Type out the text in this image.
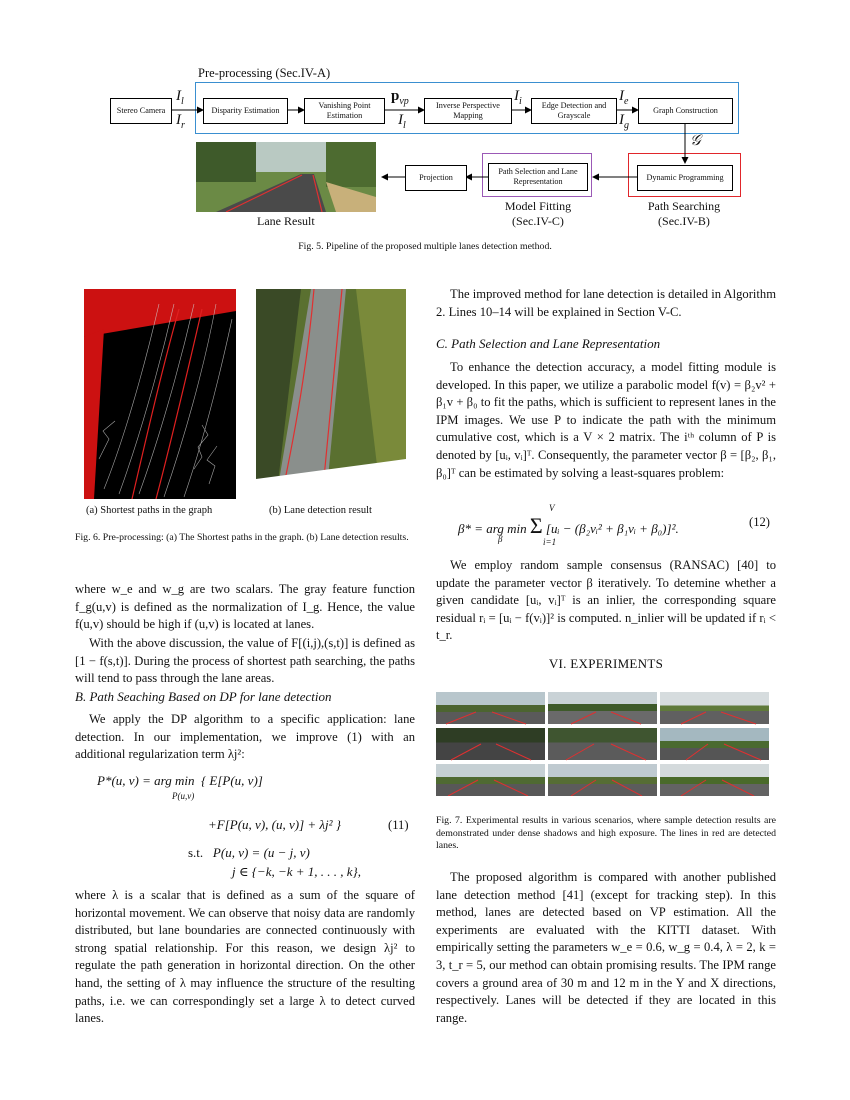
Pre-processing (Sec.IV-A)
Stereo Camera	Disparity Estimation
Vanishing Point Estimation
Inverse Perspective Mapping
Edge Detection and Grayscale
Graph Construction
Dynamic Programming
Path Selection and Lane Representation
Projection
$I_l$
$I_r$
$p_{vp}$
$I_l$
$I_i$	$I_e$
$I_g$
𝒢
Lane Result
Model Fitting
(Sec.IV-C)
Path Searching
(Sec.IV-B)
Fig. 5. Pipeline of the proposed multiple lanes detection method.
(a) Shortest paths in the graph	(b) Lane detection result
Fig. 6. Pre-processing: (a) The Shortest paths in the graph. (b) Lane detection results.

where w_e and w_g are two scalars. The gray feature function f_g(u,v) is defined as the normalization of I_g. Hence, the value f(u,v) should be high if (u,v) is located at lanes.

With the above discussion, the value of F[(i,j),(s,t)] is defined as [1 − f(s,t)]. During the process of shortest path searching, the paths will tend to pass through the lane areas.

B. Path Seaching Based on DP for lane detection

We apply the DP algorithm to a specific application: lane detection. In our implementation, we improve (1) with an additional regularization term λj²:

P*(u, v) = arg min  { E[P(u, v)]
P(u,v)
+F[P(u, v), (u, v)] + λj² }	(11)
s.t.   P(u, v) = (u − j, v)
j ∈ {−k, −k + 1, . . . , k},

where λ is a scalar that is defined as a sum of the square of horizontal movement. We can observe that noisy data are randomly distributed, but lane boundaries are connected continuously with strong spatial relationship. For this reason, we design λj² to regulate the path generation in horizontal direction. On the other hand, the setting of λ may influence the structure of the resulting paths, i.e. we can correspondingly set a large λ to detect curved lanes.

The improved method for lane detection is detailed in Algorithm 2. Lines 10–14 will be explained in Section V-C.

C. Path Selection and Lane Representation

To enhance the detection accuracy, a model fitting module is developed. In this paper, we utilize a parabolic model f(v) = β₂v² + β₁v + β₀ to fit the paths, which is sufficient to represent lanes in the IPM images. We use P to indicate the path with the minimum cumulative cost, which is a V × 2 matrix. The iᵗʰ column of P is denoted by [uᵢ, vᵢ]ᵀ. Consequently, the parameter vector β = [β₂, β₁, β₀]ᵀ can be estimated by solving a least-squares problem:

β* = arg min Σ [uᵢ − (β₂vᵢ² + β₁vᵢ + β₀)]².
β
V
i=1
(12)

We employ random sample consensus (RANSAC) [40] to update the parameter vector β iteratively. To detemine whether a given candidate [uᵢ, vᵢ]ᵀ is an inlier, the corresponding square residual rᵢ = [uᵢ − f(vᵢ)]² is computed. n_inlier will be updated if rᵢ < t_r.

VI. EXPERIMENTS
Fig. 7. Experimental results in various scenarios, where sample detection results are demonstrated under dense shadows and high exposure. The lines in red are detected lanes.

The proposed algorithm is compared with another published lane detection method [41] (except for tracking step). In this method, lanes are detected based on VP estimation. All the experiments are evaluated with the KITTI dataset. With empirically setting the parameters w_e = 0.6, w_g = 0.4, λ = 2, k = 3, t_r = 5, our method can obtain promising results. The IPM range covers a ground area of 30 m and 12 m in the Y and X directions, respectively. Lanes will be detected if they are located in this range.
